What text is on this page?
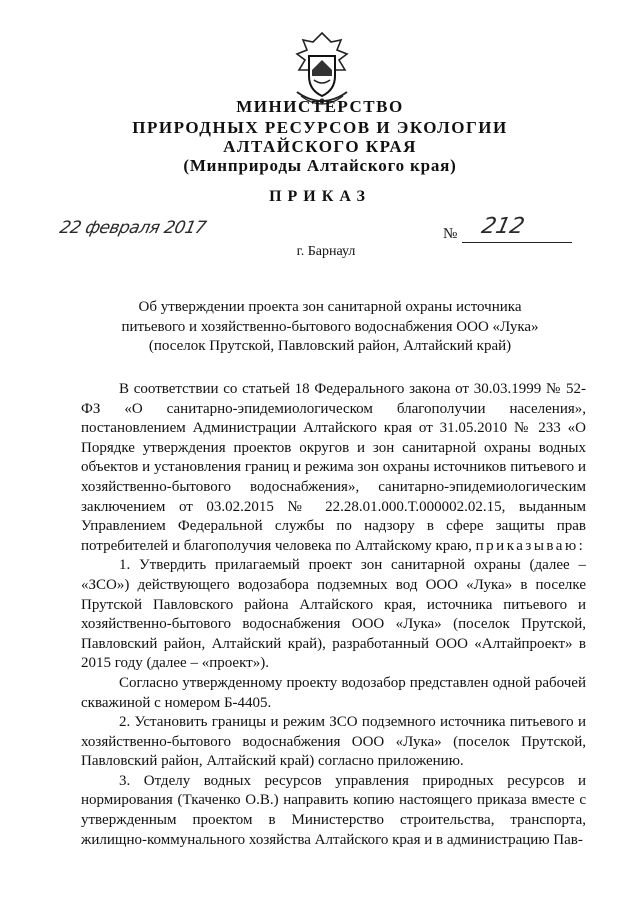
МИНИСТЕРСТВО
ПРИРОДНЫХ РЕСУРСОВ И ЭКОЛОГИИ
АЛТАЙСКОГО КРАЯ
(Минприроды Алтайского края)
ПРИКАЗ
22 февраля 2017	№ 212
г. Барнаул
Об утверждении проекта зон санитарной охраны источника
питьевого и хозяйственно-бытового водоснабжения ООО «Лука»
(поселок Прутской, Павловский район, Алтайский край)

В соответствии со статьей 18 Федерального закона от 30.03.1999 № 52-ФЗ «О санитарно-эпидемиологическом благополучии населения», постановлением Администрации Алтайского края от 31.05.2010 № 233 «О Порядке утверждения проектов округов и зон санитарной охраны водных объектов и установления границ и режима зон охраны источников питьевого и хозяйственно-бытового водоснабжения», санитарно-эпидемиологическим заключением от 03.02.2015 № 22.28.01.000.Т.000002.02.15, выданным Управлением Федеральной службы по надзору в сфере защиты прав потребителей и благополучия человека по Алтайскому краю, приказываю:

1. Утвердить прилагаемый проект зон санитарной охраны (далее – «ЗСО») действующего водозабора подземных вод ООО «Лука» в поселке Прутской Павловского района Алтайского края, источника питьевого и хозяйственно-бытового водоснабжения ООО «Лука» (поселок Прутской, Павловский район, Алтайский край), разработанный ООО «Алтайпроект» в 2015 году (далее – «проект»).

Согласно утвержденному проекту водозабор представлен одной рабочей скважиной с номером Б-4405.

2. Установить границы и режим ЗСО подземного источника питьевого и хозяйственно-бытового водоснабжения ООО «Лука» (поселок Прутской, Павловский район, Алтайский край) согласно приложению.

3. Отделу водных ресурсов управления природных ресурсов и нормирования (Ткаченко О.В.) направить копию настоящего приказа вместе с утвержденным проектом в Министерство строительства, транспорта, жилищно-коммунального хозяйства Алтайского края и в администрацию Пав-
